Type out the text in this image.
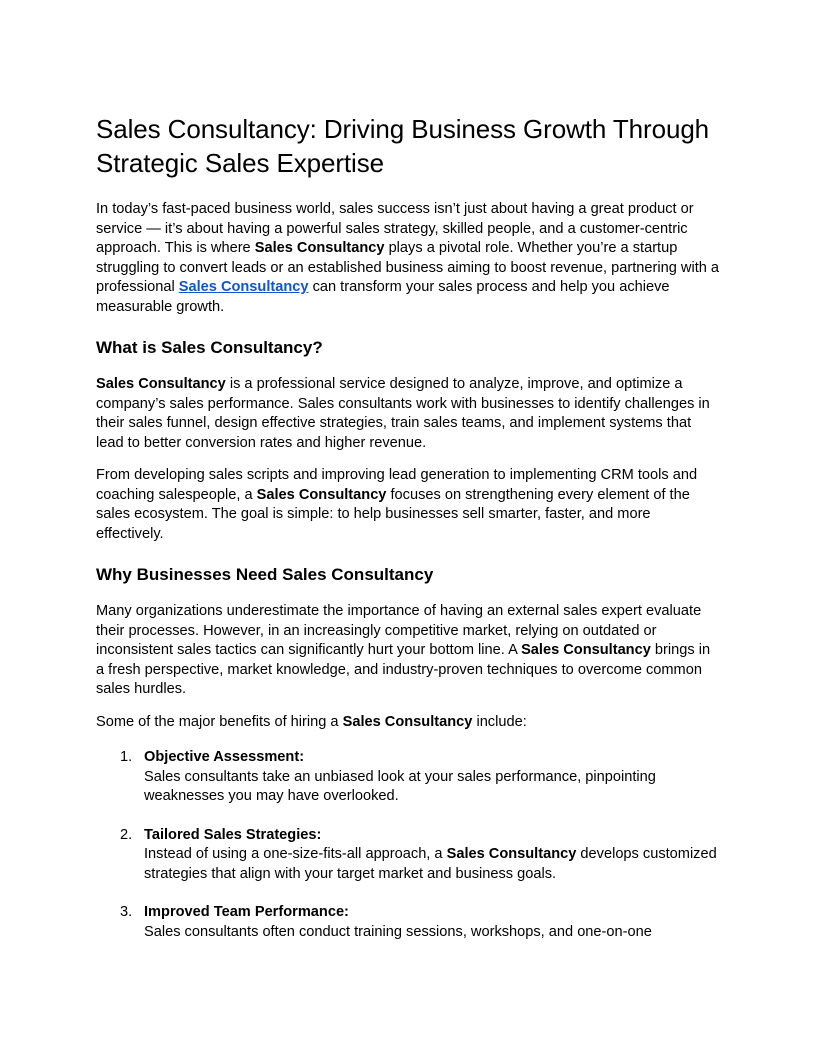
Sales Consultancy: Driving Business Growth Through Strategic Sales Expertise

In today’s fast-paced business world, sales success isn’t just about having a great product or service — it’s about having a powerful sales strategy, skilled people, and a customer-centric approach. This is where Sales Consultancy plays a pivotal role. Whether you’re a startup struggling to convert leads or an established business aiming to boost revenue, partnering with a professional Sales Consultancy can transform your sales process and help you achieve measurable growth.

What is Sales Consultancy?

Sales Consultancy is a professional service designed to analyze, improve, and optimize a company’s sales performance. Sales consultants work with businesses to identify challenges in their sales funnel, design effective strategies, train sales teams, and implement systems that lead to better conversion rates and higher revenue.

From developing sales scripts and improving lead generation to implementing CRM tools and coaching salespeople, a Sales Consultancy focuses on strengthening every element of the sales ecosystem. The goal is simple: to help businesses sell smarter, faster, and more effectively.

Why Businesses Need Sales Consultancy

Many organizations underestimate the importance of having an external sales expert evaluate their processes. However, in an increasingly competitive market, relying on outdated or inconsistent sales tactics can significantly hurt your bottom line. A Sales Consultancy brings in a fresh perspective, market knowledge, and industry-proven techniques to overcome common sales hurdles.

Some of the major benefits of hiring a Sales Consultancy include:

1. Objective Assessment:
Sales consultants take an unbiased look at your sales performance, pinpointing weaknesses you may have overlooked.
2. Tailored Sales Strategies:
Instead of using a one-size-fits-all approach, a Sales Consultancy develops customized strategies that align with your target market and business goals.
3. Improved Team Performance:
Sales consultants often conduct training sessions, workshops, and one-on-one
